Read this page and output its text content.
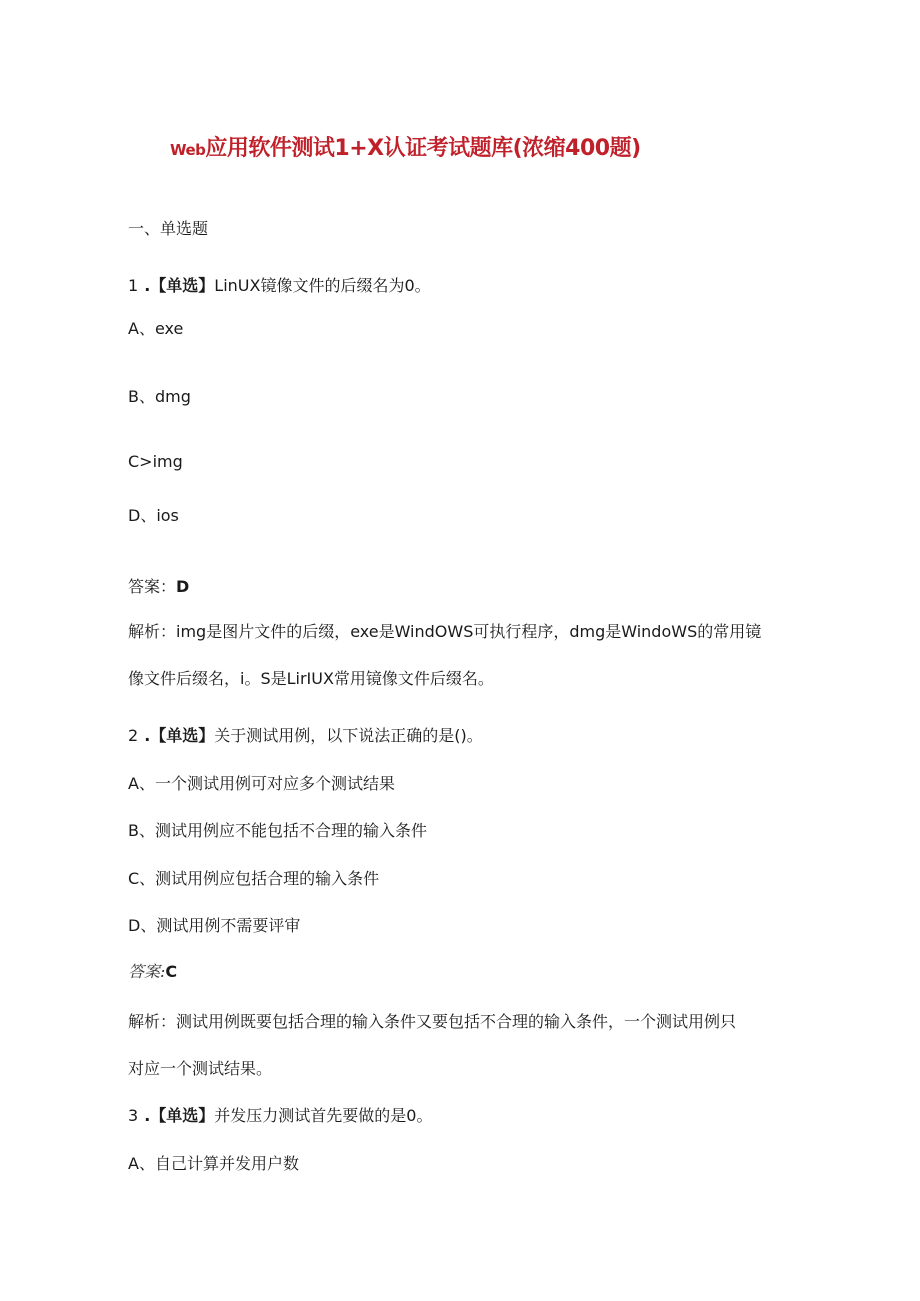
Web应用软件测试1+X认证考试题库(浓缩400题)
一、单选题
1 .【单选】LinUX镜像文件的后缀名为0。
A、exe
B、dmg
C>img
D、ios
答案：D
解析：img是图片文件的后缀，exe是WindOWS可执行程序，dmg是WindoWS的常用镜
像文件后缀名，i。S是LirIUX常用镜像文件后缀名。
2 .【单选】关于测试用例，以下说法正确的是()。
A、一个测试用例可对应多个测试结果
B、测试用例应不能包括不合理的输入条件
C、测试用例应包括合理的输入条件
D、测试用例不需要评审
答案:C
解析：测试用例既要包括合理的输入条件又要包括不合理的输入条件，一个测试用例只
对应一个测试结果。
3 .【单选】并发压力测试首先要做的是0。
A、自己计算并发用户数
